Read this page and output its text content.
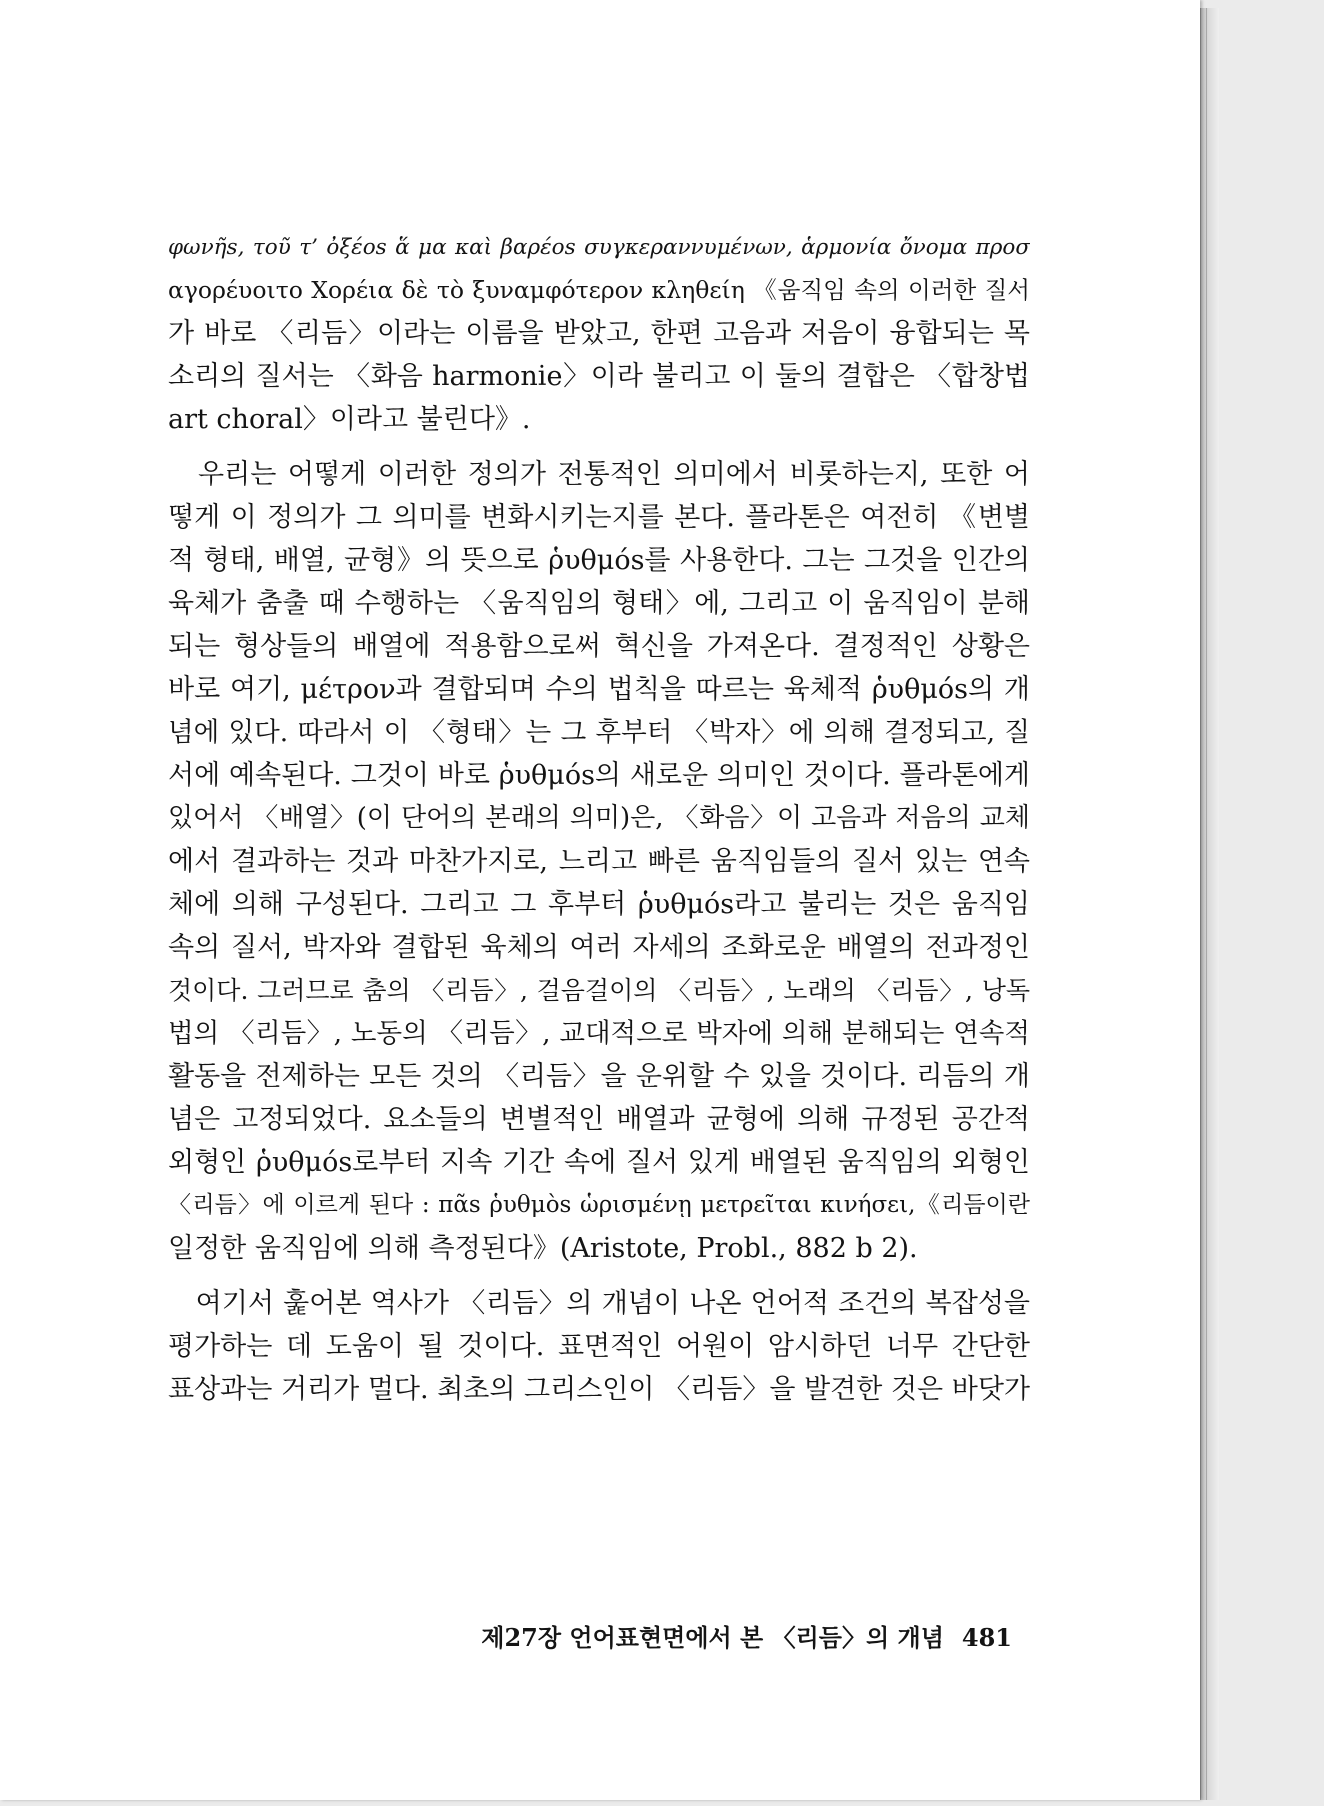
φωνῆs, τοῦ τ’ ὀξέοs ἅ μα καὶ βαρέοs συγκεραννυμένων, ἁρμονία ὄνομα προσ
αγορέυοιτο Χορέια δὲ τὸ ξυναμφότερον κληθείη 《움직임 속의 이러한 질서
가 바로 〈리듬〉이라는 이름을 받았고, 한편 고음과 저음이 융합되는 목
소리의 질서는 〈화음 harmonie〉이라 불리고 이 둘의 결합은 〈합창법
art choral〉이라고 불린다》.
　우리는 어떻게 이러한 정의가 전통적인 의미에서 비롯하는지, 또한 어
떻게 이 정의가 그 의미를 변화시키는지를 본다. 플라톤은 여전히 《변별
적 형태, 배열, 균형》의 뜻으로 ῥυθμόs를 사용한다. 그는 그것을 인간의
육체가 춤출 때 수행하는 〈움직임의 형태〉에, 그리고 이 움직임이 분해
되는 형상들의 배열에 적용함으로써 혁신을 가져온다. 결정적인 상황은
바로 여기, μέτρον과 결합되며 수의 법칙을 따르는 육체적 ῥυθμόs의 개
념에 있다. 따라서 이 〈형태〉는 그 후부터 〈박자〉에 의해 결정되고, 질
서에 예속된다. 그것이 바로 ῥυθμόs의 새로운 의미인 것이다. 플라톤에게
있어서 〈배열〉(이 단어의 본래의 의미)은, 〈화음〉이 고음과 저음의 교체
에서 결과하는 것과 마찬가지로, 느리고 빠른 움직임들의 질서 있는 연속
체에 의해 구성된다. 그리고 그 후부터 ῥυθμόs라고 불리는 것은 움직임
속의 질서, 박자와 결합된 육체의 여러 자세의 조화로운 배열의 전과정인
것이다. 그러므로 춤의 〈리듬〉, 걸음걸이의 〈리듬〉, 노래의 〈리듬〉, 낭독
법의 〈리듬〉, 노동의 〈리듬〉, 교대적으로 박자에 의해 분해되는 연속적
활동을 전제하는 모든 것의 〈리듬〉을 운위할 수 있을 것이다. 리듬의 개
념은 고정되었다. 요소들의 변별적인 배열과 균형에 의해 규정된 공간적
외형인 ῥυθμόs로부터 지속 기간 속에 질서 있게 배열된 움직임의 외형인
〈리듬〉에 이르게 된다 : πᾶs ῥυθμὸs ὡρισμένῃ μετρεῖται κινήσει,《리듬이란
일정한 움직임에 의해 측정된다》(Aristote, Probl., 882 b 2).
　여기서 훑어본 역사가 〈리듬〉의 개념이 나온 언어적 조건의 복잡성을
평가하는 데 도움이 될 것이다. 표면적인 어원이 암시하던 너무 간단한
표상과는 거리가 멀다. 최초의 그리스인이 〈리듬〉을 발견한 것은 바닷가
제27장 언어표현면에서 본 〈리듬〉의 개념 481
